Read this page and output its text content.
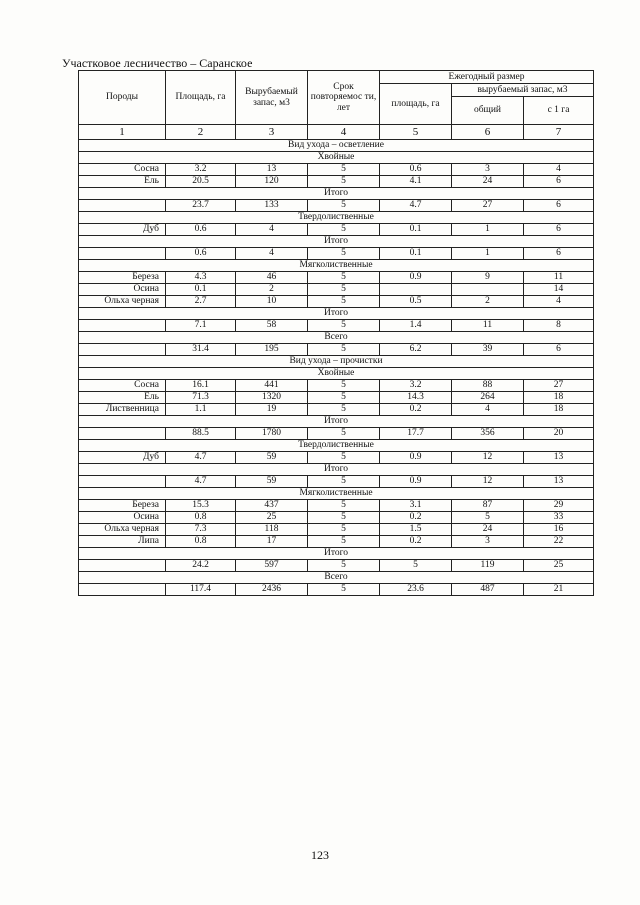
Участковое лесничество – Саранское
Породы	Площадь, га	Вырубаемый запас, м3	Срок повторяемос ти, лет	Ежегодный размер		
				площадь, га	вырубаемый запас, м3	
					общий	с 1 га
1	2	3	4	5	6	7
Вид ухода – осветление						
Хвойные						
Сосна	3.2	13	5	0.6	3	4
Ель	20.5	120	5	4.1	24	6
Итого						
	23.7	133	5	4.7	27	6
Твердолиственные						
Дуб	0.6	4	5	0.1	1	6
Итого						
	0.6	4	5	0.1	1	6
Мягколиственные						
Береза	4.3	46	5	0.9	9	11
Осина	0.1	2	5			14
Ольха черная	2.7	10	5	0.5	2	4
Итого						
	7.1	58	5	1.4	11	8
Всего						
	31.4	195	5	6.2	39	6
Вид ухода – прочистки						
Хвойные						
Сосна	16.1	441	5	3.2	88	27
Ель	71.3	1320	5	14.3	264	18
Лиственница	1.1	19	5	0.2	4	18
Итого						
	88.5	1780	5	17.7	356	20
Твердолиственные						
Дуб	4.7	59	5	0.9	12	13
Итого						
	4.7	59	5	0.9	12	13
Мягколиственные						
Береза	15.3	437	5	3.1	87	29
Осина	0.8	25	5	0.2	5	33
Ольха черная	7.3	118	5	1.5	24	16
Липа	0.8	17	5	0.2	3	22
Итого						
	24.2	597	5	5	119	25
Всего						
	117.4	2436	5	23.6	487	21
123
